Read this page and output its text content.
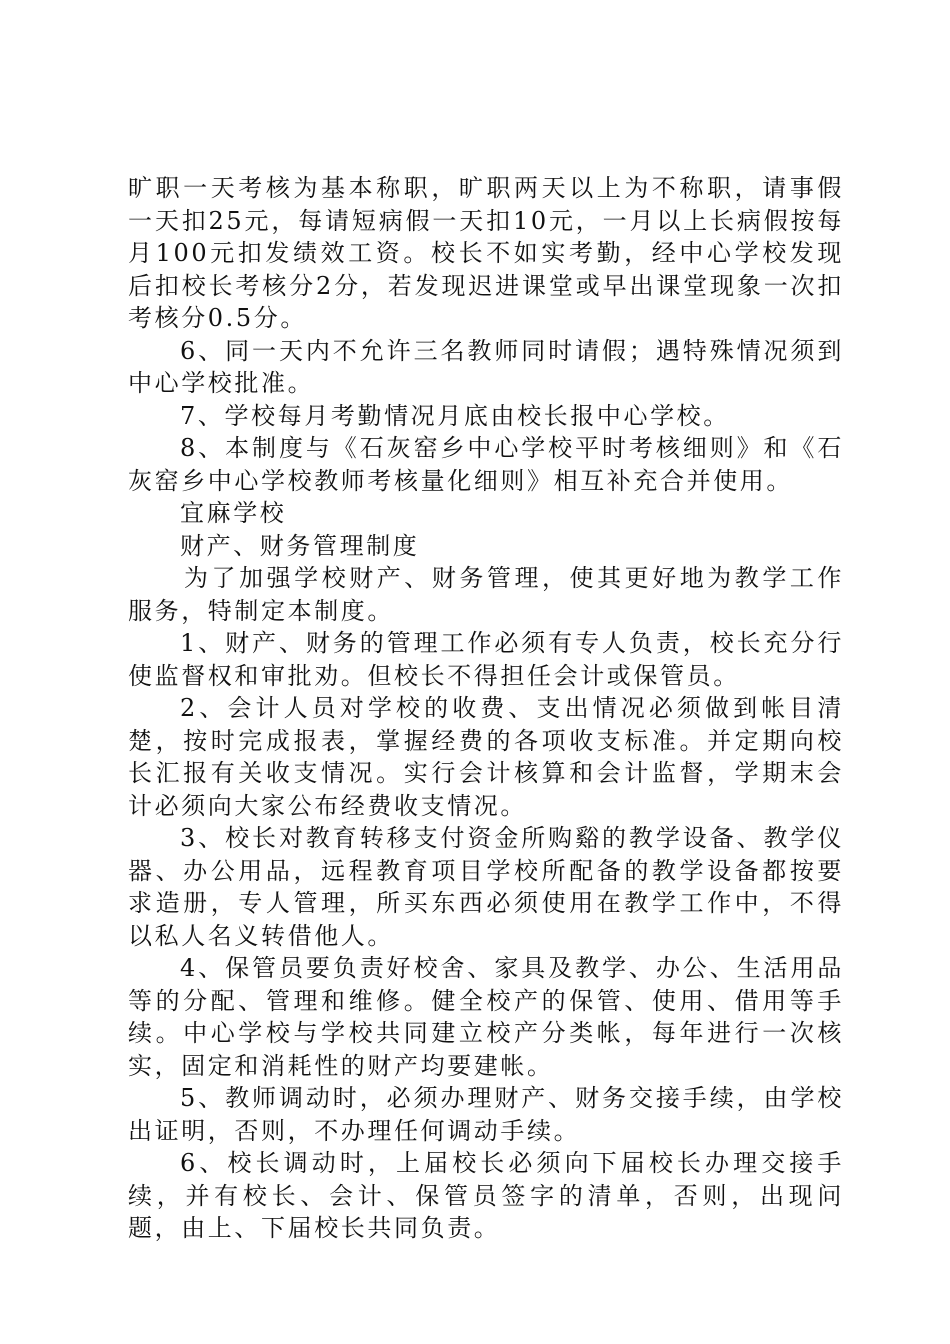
旷职一天考核为基本称职，旷职两天以上为不称职，请事假一天扣25元，每请短病假一天扣10元，一月以上长病假按每月100元扣发绩效工资。校长不如实考勤，经中心学校发现后扣校长考核分2分，若发现迟进课堂或早出课堂现象一次扣考核分0.5分。

6、同一天内不允许三名教师同时请假；遇特殊情况须到中心学校批准。

7、学校每月考勤情况月底由校长报中心学校。

8、本制度与《石灰窑乡中心学校平时考核细则》和《石灰窑乡中心学校教师考核量化细则》相互补充合并使用。

宜麻学校

财产、财务管理制度

为了加强学校财产、财务管理，使其更好地为教学工作服务，特制定本制度。

1、财产、财务的管理工作必须有专人负责，校长充分行使监督权和审批劝。但校长不得担任会计或保管员。

2、会计人员对学校的收费、支出情况必须做到帐目清楚，按时完成报表，掌握经费的各项收支标准。并定期向校长汇报有关收支情况。实行会计核算和会计监督，学期末会计必须向大家公布经费收支情况。

3、校长对教育转移支付资金所购谿的教学设备、教学仪器、办公用品，远程教育项目学校所配备的教学设备都按要求造册，专人管理，所买东西必须使用在教学工作中，不得以私人名义转借他人。

4、保管员要负责好校舍、家具及教学、办公、生活用品等的分配、管理和维修。健全校产的保管、使用、借用等手续。中心学校与学校共同建立校产分类帐，每年进行一次核实，固定和消耗性的财产均要建帐。

5、教师调动时，必须办理财产、财务交接手续，由学校出证明，否则，不办理任何调动手续。

6、校长调动时，上届校长必须向下届校长办理交接手续，并有校长、会计、保管员签字的清单，否则，出现问题，由上、下届校长共同负责。
